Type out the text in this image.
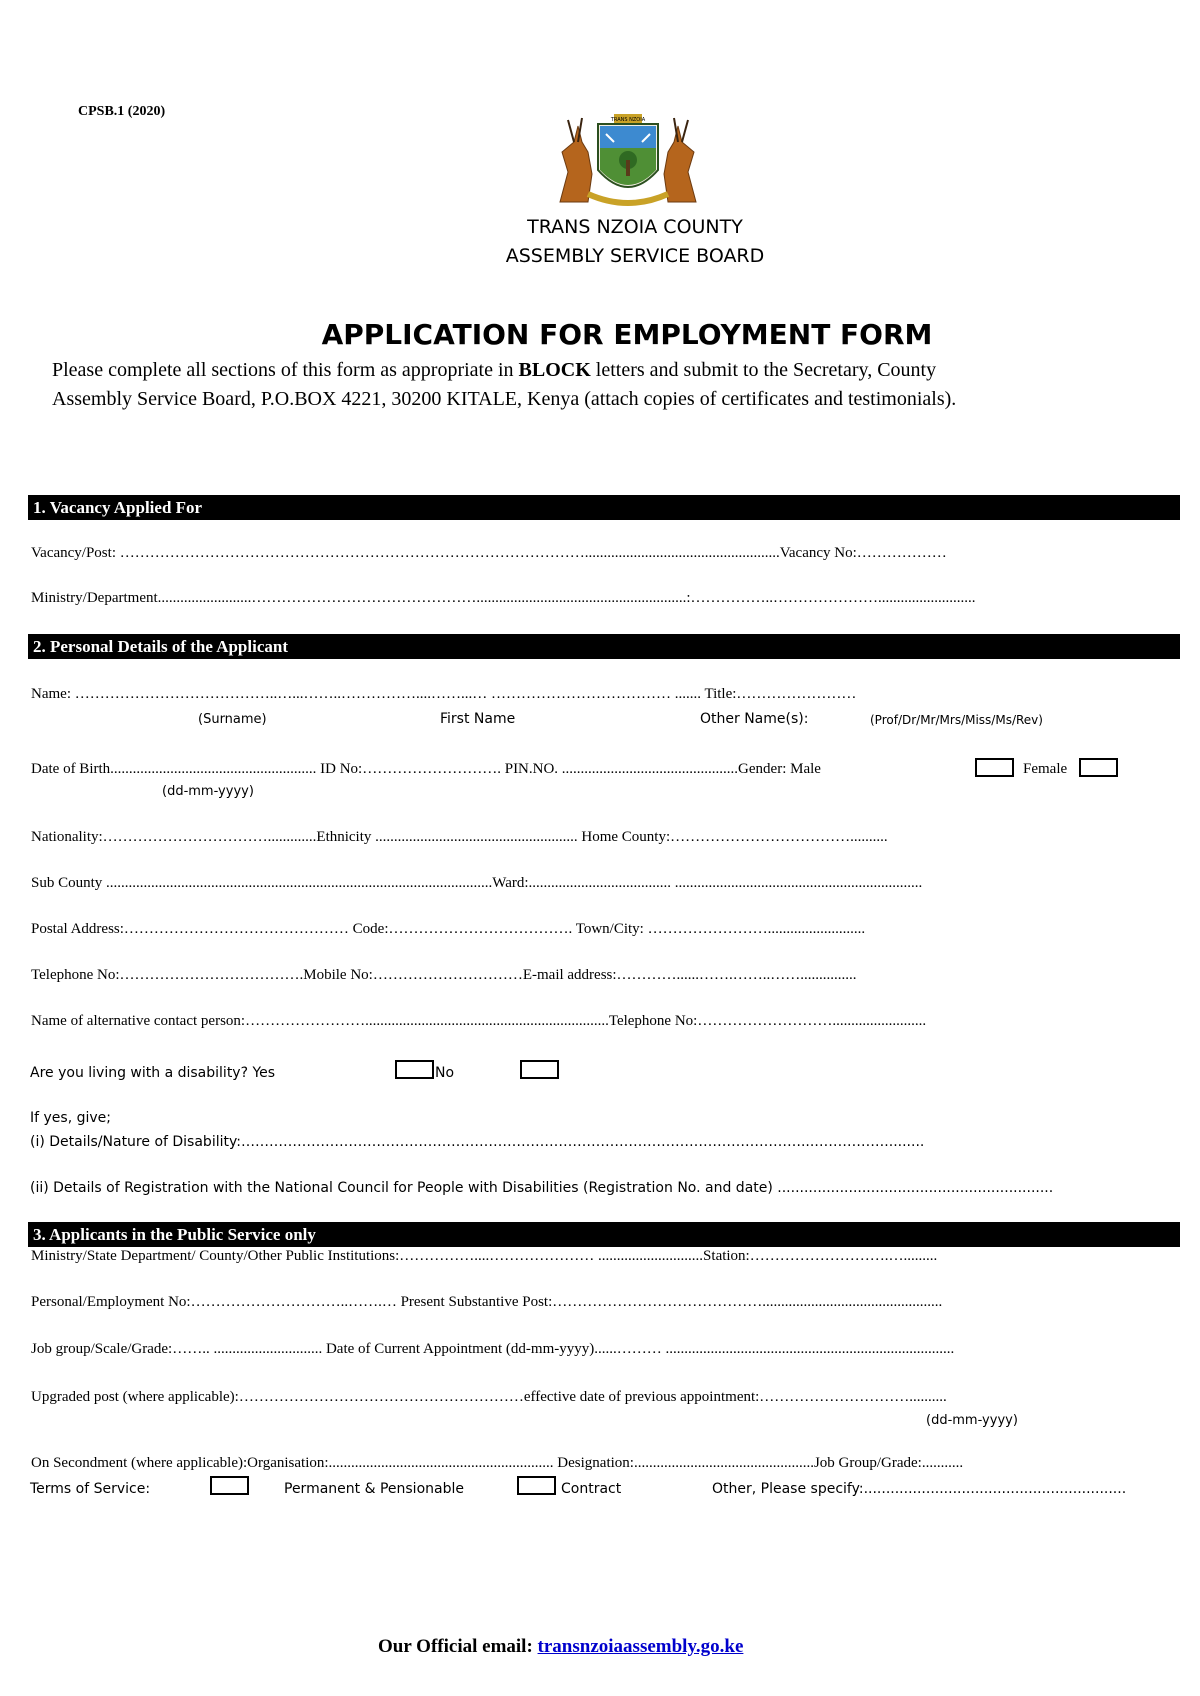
CPSB.1 (2020)
TRANS NZOIA
TRANS NZOIA COUNTY
ASSEMBLY SERVICE BOARD
APPLICATION FOR EMPLOYMENT FORM
Please complete all sections of this form as appropriate in BLOCK letters and submit to the Secretary, County
Assembly Service Board, P.O.BOX 4221, 30200 KITALE, Kenya (attach copies of certificates and testimonials).
1. Vacancy Applied For
Vacancy/Post: …………………………………………………………………………………....................................................Vacancy No:………………
Ministry/Department.........................………………………………………........................................................:……………..…………………..........................
2. Personal Details of the Applicant
Name: …………………………………..…...……..……………....……...… ……………………………… ....... Title:……………………
(Surname)	First Name	Other Name(s):	(Prof/Dr/Mr/Mrs/Miss/Ms/Rev)
Date of Birth....................................................... ID No:………………………. PIN.NO. ...............................................Gender: Male	Female
(dd-mm-yyyy)
Nationality:…………………………….............Ethnicity ...................................................... Home County:………………………………..........
Sub County .......................................................................................................Ward:...................................... ..................................................................
Postal Address:……………………………………… Code:………………………………. Town/City: ……………………..........................
Telephone No:……………………………….Mobile No:…………………………E-mail address:…………......…….……..……...............
Name of alternative contact person:…………………….................................................................Telephone No:……………………….........................
Are you living with a disability? Yes	No
If yes, give;
(i) Details/Nature of Disability:…………………………………………………………………………………………………………...…………….........
(ii) Details of Registration with the National Council for People with Disabilities (Registration No. and date) ..............................................................
3. Applicants in the Public Service only
Ministry/State Department/ County/Other Public Institutions:……………....………………… ............................Station:……………………….….........
Personal/Employment No:…………………………..…….… Present Substantive Post:……………………………………................................................
Job group/Scale/Grade:…….. ............................. Date of Current Appointment (dd-mm-yyyy)......……… .............................................................................
Upgraded post (where applicable):…………………………………………………effective date of previous appointment:…………………………..........
(dd-mm-yyyy)
On Secondment (where applicable):Organisation:............................................................ Designation:................................................Job Group/Grade:...........
Terms of Service:	Permanent & Pensionable	Contract	Other, Please specify:...........................................................
Our Official email: transnzoiaassembly.go.ke
